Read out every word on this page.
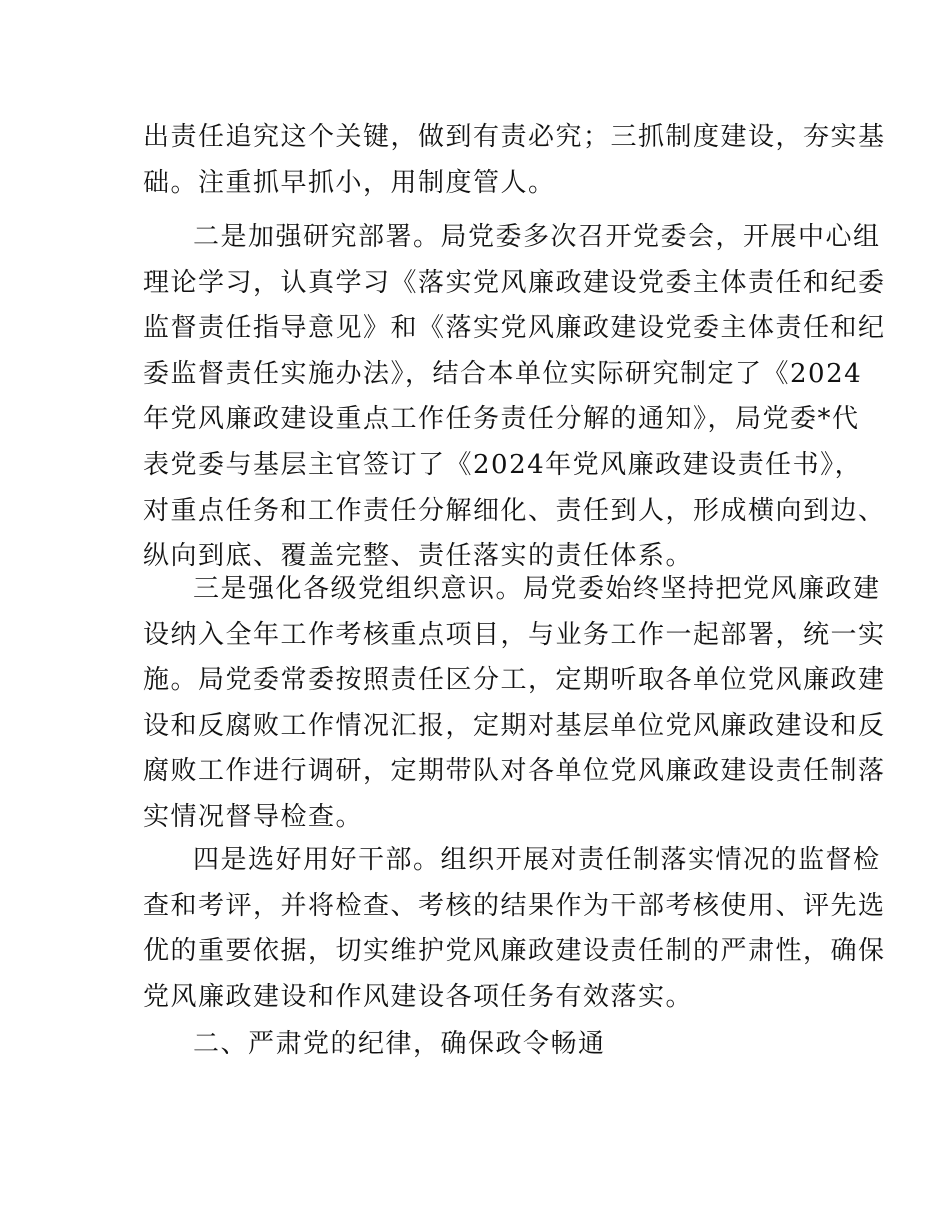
出责任追究这个关键，做到有责必究；三抓制度建设，夯实基
础。注重抓早抓小，用制度管人。
二是加强研究部署。局党委多次召开党委会，开展中心组
理论学习，认真学习《落实党风廉政建设党委主体责任和纪委
监督责任指导意见》和《落实党风廉政建设党委主体责任和纪
委监督责任实施办法》，结合本单位实际研究制定了《2024
年党风廉政建设重点工作任务责任分解的通知》，局党委*代
表党委与基层主官签订了《2024年党风廉政建设责任书》，
对重点任务和工作责任分解细化、责任到人，形成横向到边、
纵向到底、覆盖完整、责任落实的责任体系。
三是强化各级党组织意识。局党委始终坚持把党风廉政建
设纳入全年工作考核重点项目，与业务工作一起部署，统一实
施。局党委常委按照责任区分工，定期听取各单位党风廉政建
设和反腐败工作情况汇报，定期对基层单位党风廉政建设和反
腐败工作进行调研，定期带队对各单位党风廉政建设责任制落
实情况督导检查。
四是选好用好干部。组织开展对责任制落实情况的监督检
查和考评，并将检查、考核的结果作为干部考核使用、评先选
优的重要依据，切实维护党风廉政建设责任制的严肃性，确保
党风廉政建设和作风建设各项任务有效落实。
二、严肃党的纪律，确保政令畅通
